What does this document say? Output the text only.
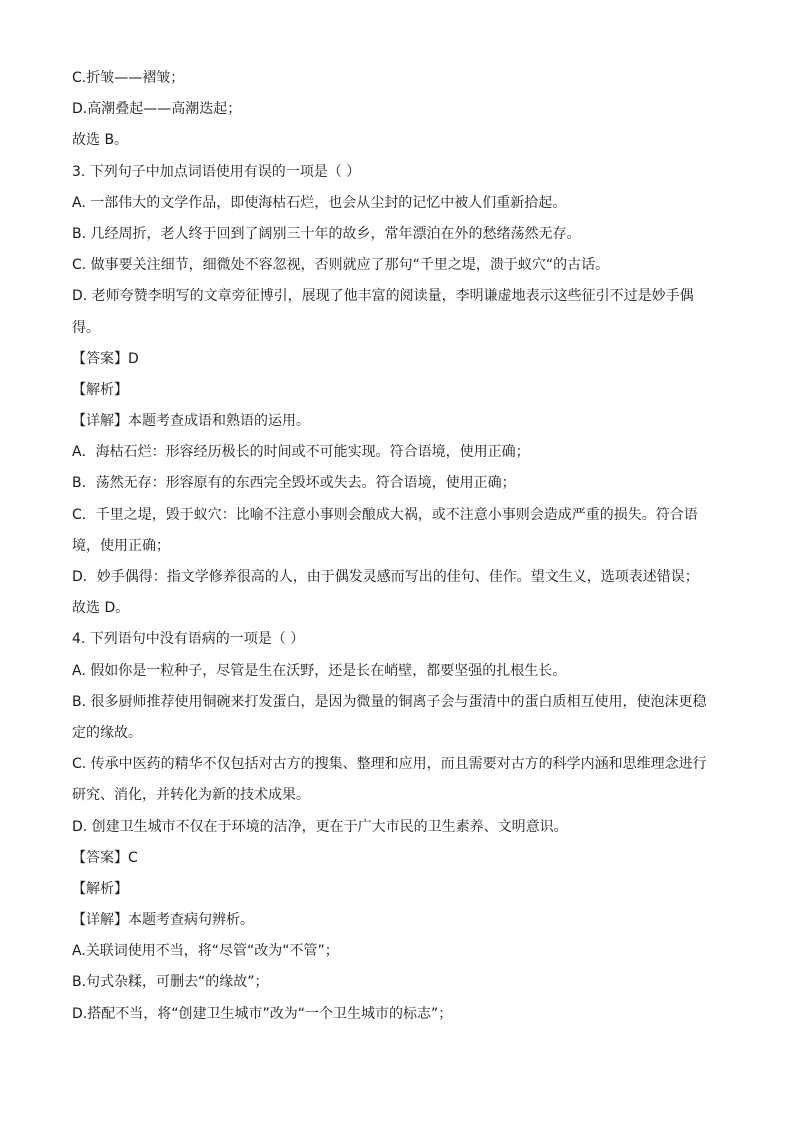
C.折皱——褶皱；
D.高潮叠起——高潮迭起；
故选 B。
3. 下列句子中加点词语使用有误的一项是（ ）
A. 一部伟大的文学作品，即使海枯石烂，也会从尘封的记忆中被人们重新拾起。
B. 几经周折，老人终于回到了阔别三十年的故乡，常年漂泊在外的愁绪荡然无存。
C. 做事要关注细节，细微处不容忽视，否则就应了那句“千里之堤，溃于蚁穴“的古话。
D. 老师夸赞李明写的文章旁征博引，展现了他丰富的阅读量，李明谦虚地表示这些征引不过是妙手偶
得。
【答案】D
【解析】
【详解】本题考查成语和熟语的运用。
A．海枯石烂：形容经历极长的时间或不可能实现。符合语境，使用正确；
B．荡然无存：形容原有的东西完全毁坏或失去。符合语境，使用正确；
C．千里之堤，毁于蚁穴：比喻不注意小事则会酿成大祸，或不注意小事则会造成严重的损失。符合语
境，使用正确；
D．妙手偶得：指文学修养很高的人，由于偶发灵感而写出的佳句、佳作。望文生义，选项表述错误；
故选 D。
4. 下列语句中没有语病的一项是（ ）
A. 假如你是一粒种子，尽管是生在沃野，还是长在峭壁，都要坚强的扎根生长。
B. 很多厨师推荐使用铜碗来打发蛋白，是因为微量的铜离子会与蛋清中的蛋白质相互使用，使泡沫更稳
定的缘故。
C. 传承中医药的精华不仅包括对古方的搜集、整理和应用，而且需要对古方的科学内涵和思维理念进行
研究、消化，并转化为新的技术成果。
D. 创建卫生城市不仅在于环境的洁净，更在于广大市民的卫生素养、文明意识。
【答案】C
【解析】
【详解】本题考查病句辨析。
A.关联词使用不当，将“尽管“改为“不管”；
B.句式杂糅，可删去“的缘故”；
D.搭配不当，将“创建卫生城市”改为“一个卫生城市的标志”；
